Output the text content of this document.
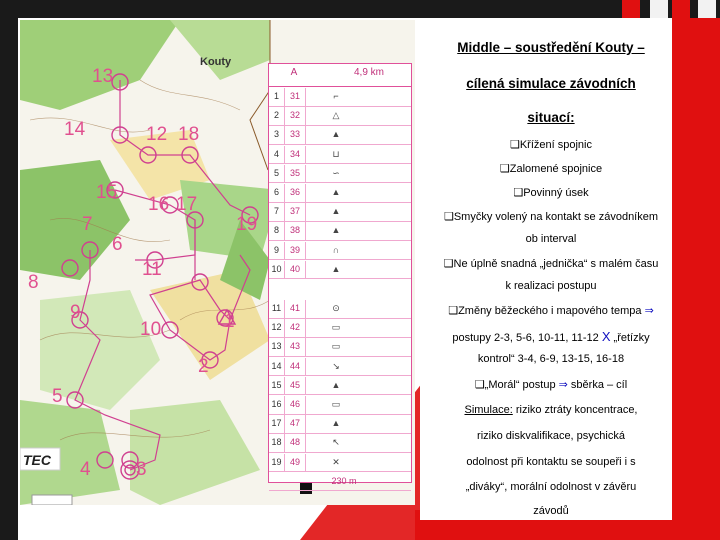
Kouty
13
14	12 18
15
16 17
19
7
6
8
11
9
10	1
2
5
4 3
TEC
A	4,9 km
1	31	⌐
2	32	△
3	33	▲
4	34	⊔
5	35	∽
6	36	▲
7	37	▲
8	38	▲
9	39	∩
10 40	▲
11 41	⊙
12 42	▭
13 43	▭
14 44	↘
15 45	▲
16 46	▭
17 47	▲
18 48	↖
19 49	✕
230 m
Middle – soustředění Kouty –
cílená simulace závodních
situací:
❑Křížení spojnic
❑Zalomené spojnice
❑Povinný úsek
❑Smyčky volený na kontakt se závodníkem
ob interval
❑Ne úplně snadná „jednička“ s malém času
k realizaci postupu
❑Změny běžeckého i mapového tempa ⇒
postupy 2-3, 5-6, 10-11, 11-12 X „řetízky
kontrol“ 3-4, 6-9, 13-15, 16-18
❑„Morál“ postup ⇒ sběrka – cíl
Simulace: riziko ztráty koncentrace,
riziko diskvalifikace, psychická
odolnost při kontaktu se soupeři i s
„diváky“, morální odolnost v závěru
závodů
